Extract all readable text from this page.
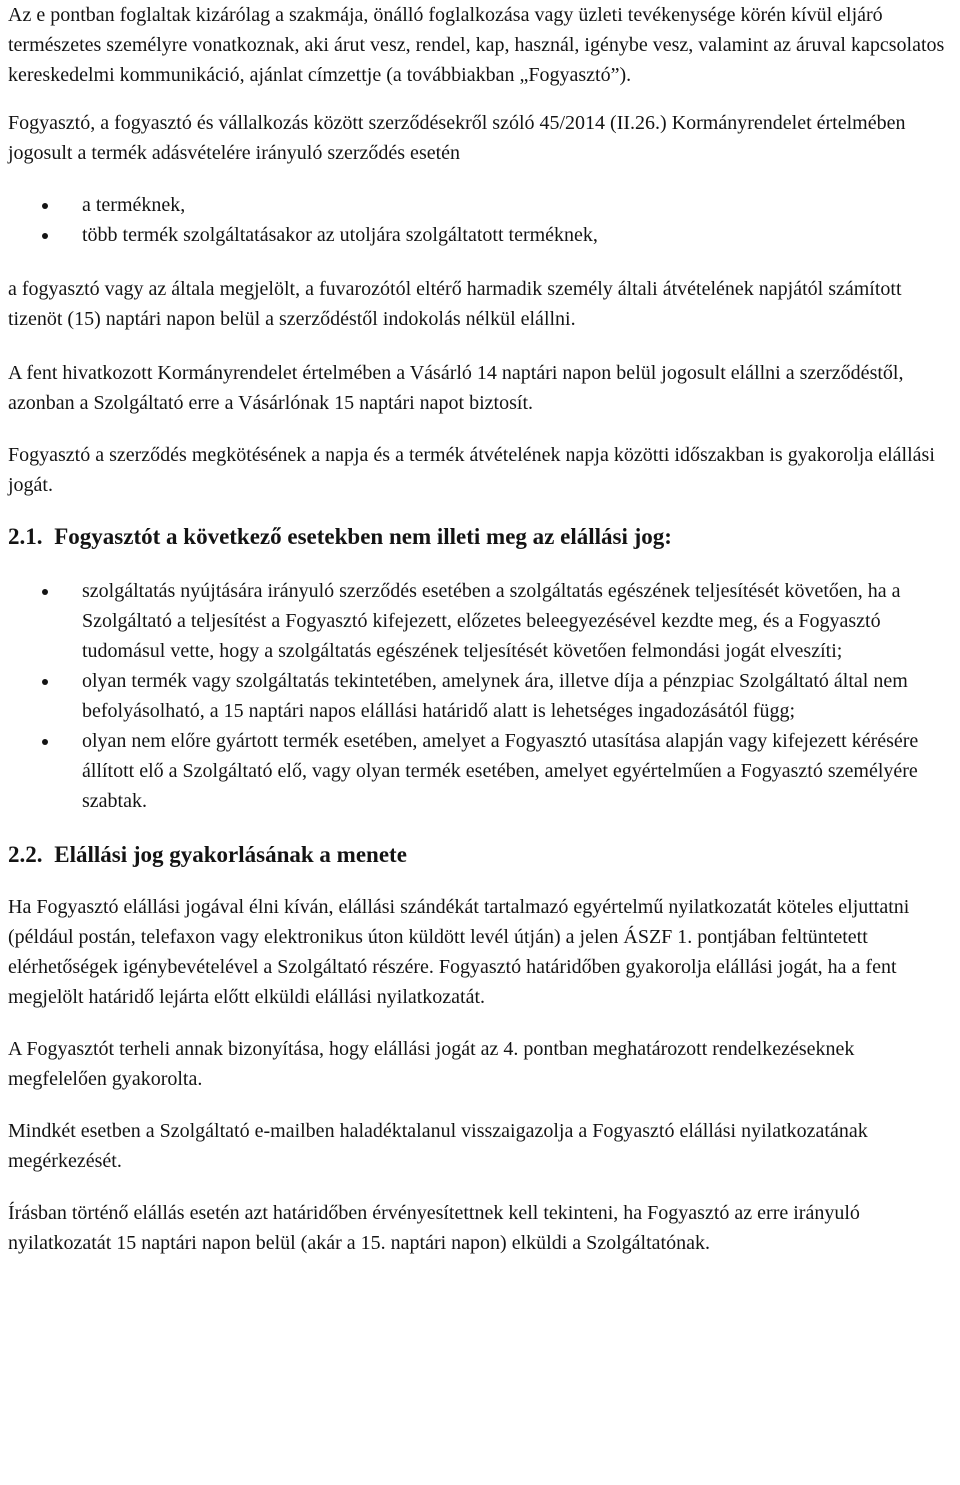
Az e pontban foglaltak kizárólag a szakmája, önálló foglalkozása vagy üzleti tevékenysége körén kívül eljáró természetes személyre vonatkoznak, aki árut vesz, rendel, kap, használ, igénybe vesz, valamint az áruval kapcsolatos kereskedelmi kommunikáció, ajánlat címzettje (a továbbiakban „Fogyasztó”).

Fogyasztó, a fogyasztó és vállalkozás között szerződésekről szóló 45/2014 (II.26.) Kormányrendelet értelmében jogosult a termék adásvételére irányuló szerződés esetén

a terméknek,
több termék szolgáltatásakor az utoljára szolgáltatott terméknek,

a fogyasztó vagy az általa megjelölt, a fuvarozótól eltérő harmadik személy általi átvételének napjától számított tizenöt (15) naptári napon belül a szerződéstől indokolás nélkül elállni.

A fent hivatkozott Kormányrendelet értelmében a Vásárló 14 naptári napon belül jogosult elállni a szerződéstől, azonban a Szolgáltató erre a Vásárlónak 15 naptári napot biztosít.

Fogyasztó a szerződés megkötésének a napja és a termék átvételének napja közötti időszakban is gyakorolja elállási jogát.

2.1. Fogyasztót a következő esetekben nem illeti meg az elállási jog:
szolgáltatás nyújtására irányuló szerződés esetében a szolgáltatás egészének teljesítését követően, ha a Szolgáltató a teljesítést a Fogyasztó kifejezett, előzetes beleegyezésével kezdte meg, és a Fogyasztó tudomásul vette, hogy a szolgáltatás egészének teljesítését követően felmondási jogát elveszíti;
olyan termék vagy szolgáltatás tekintetében, amelynek ára, illetve díja a pénzpiac Szolgáltató által nem befolyásolható, a 15 naptári napos elállási határidő alatt is lehetséges ingadozásától függ;
olyan nem előre gyártott termék esetében, amelyet a Fogyasztó utasítása alapján vagy kifejezett kérésére állított elő a Szolgáltató elő, vagy olyan termék esetében, amelyet egyértelműen a Fogyasztó személyére szabtak.
2.2. Elállási jog gyakorlásának a menete

Ha Fogyasztó elállási jogával élni kíván, elállási szándékát tartalmazó egyértelmű nyilatkozatát köteles eljuttatni (például postán, telefaxon vagy elektronikus úton küldött levél útján) a jelen ÁSZF 1. pontjában feltüntetett elérhetőségek igénybevételével a Szolgáltató részére. Fogyasztó határidőben gyakorolja elállási jogát, ha a fent megjelölt határidő lejárta előtt elküldi elállási nyilatkozatát.

A Fogyasztót terheli annak bizonyítása, hogy elállási jogát az 4. pontban meghatározott rendelkezéseknek megfelelően gyakorolta.

Mindkét esetben a Szolgáltató e-mailben haladéktalanul visszaigazolja a Fogyasztó elállási nyilatkozatának megérkezését.

Írásban történő elállás esetén azt határidőben érvényesítettnek kell tekinteni, ha Fogyasztó az erre irányuló nyilatkozatát 15 naptári napon belül (akár a 15. naptári napon) elküldi a Szolgáltatónak.
